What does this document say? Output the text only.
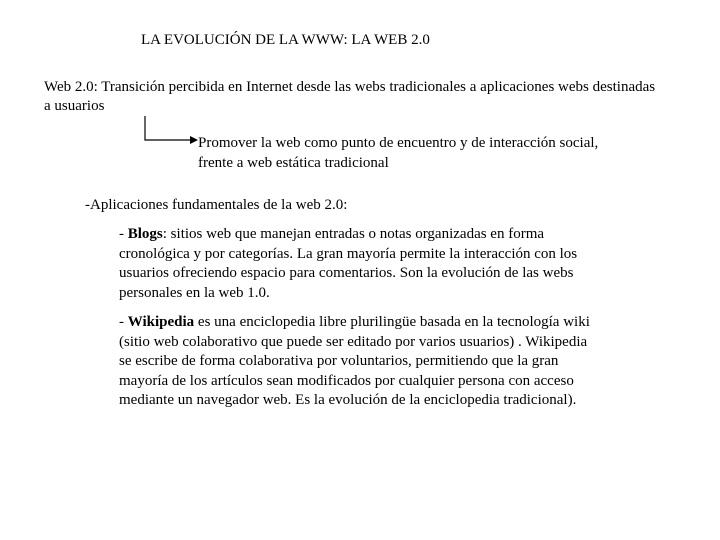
LA EVOLUCIÓN DE LA WWW: LA WEB 2.0
Web 2.0: Transición percibida en Internet desde las webs tradicionales a aplicaciones webs destinadas a usuarios
Promover la web como punto de encuentro y de interacción social, frente a web estática tradicional
-Aplicaciones fundamentales de la web 2.0:
- Blogs: sitios web que manejan entradas o notas organizadas en forma cronológica y por categorías. La gran mayoría permite la interacción con los usuarios ofreciendo espacio para comentarios. Son la evolución de las webs personales en la web 1.0.
- Wikipedia es una enciclopedia libre plurilingüe basada en la tecnología wiki (sitio web colaborativo que puede ser editado por varios usuarios) . Wikipedia se escribe de forma colaborativa por voluntarios, permitiendo que la gran mayoría de los artículos sean modificados por cualquier persona con acceso mediante un navegador web. Es la evolución de la enciclopedia tradicional).
